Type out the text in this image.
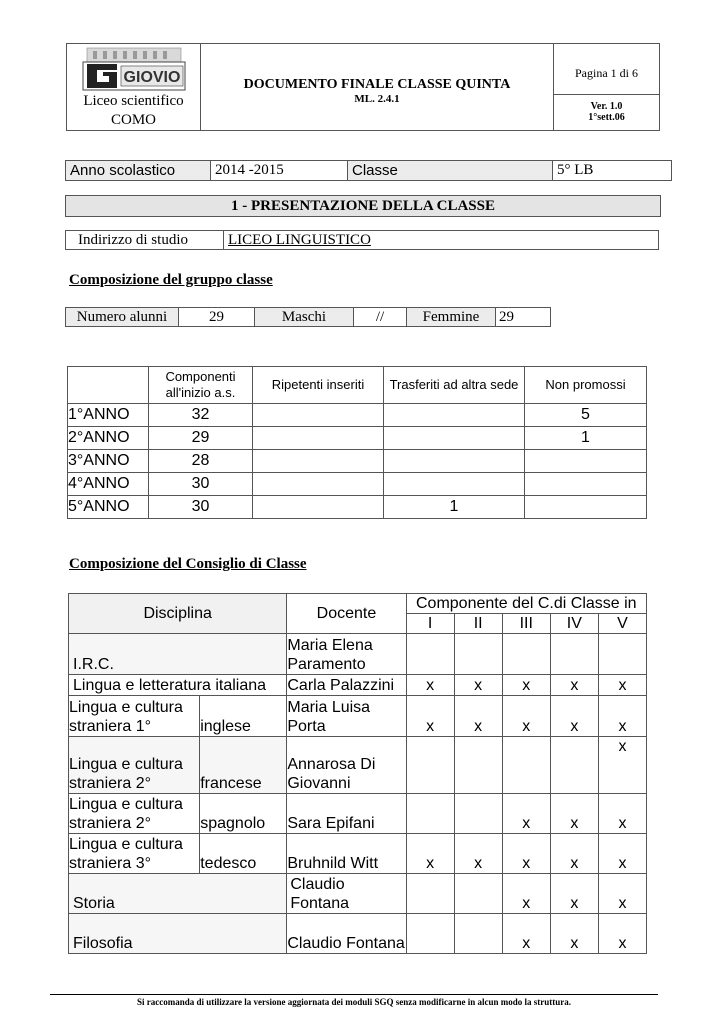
GIOVIO
Liceo scientifico
COMO

DOCUMENTO FINALE CLASSE QUINTA
ML. 2.4.1

Pagina 1 di 6
Ver. 1.0
1°sett.06
Anno scolastico	2014 -2015	Classe	5° LB
1 - PRESENTAZIONE DELLA CLASSE
Indirizzo di studio	LICEO LINGUISTICO
Composizione del gruppo classe
Numero alunni	29	Maschi	//	Femmine	29
	Componenti all'inizio a.s.	Ripetenti inseriti	Trasferiti ad altra sede	Non promossi
1°ANNO	32			5
2°ANNO	29			1
3°ANNO	28			
4°ANNO	30			
5°ANNO	30		1	
Composizione del Consiglio di Classe
Disciplina		Docente	Componente del C.di Classe in				
			I	II	III	IV	V
I.R.C.		Maria Elena Paramento					
Lingua e letteratura italiana		Carla Palazzini	x	x	x	x	x
Lingua e cultura straniera 1°	inglese	Maria Luisa Porta	x	x	x	x	x
Lingua e cultura straniera 2°	francese	Annarosa Di Giovanni					x
Lingua e cultura straniera 2°	spagnolo	Sara Epifani			x	x	x
Lingua e cultura straniera 3°	tedesco	Bruhnild Witt	x	x	x	x	x
Storia		Claudio Fontana			x	x	x
Filosofia		Claudio Fontana			x	x	x
Si raccomanda di utilizzare la versione aggiornata dei moduli SGQ senza modificarne in alcun modo la struttura.
